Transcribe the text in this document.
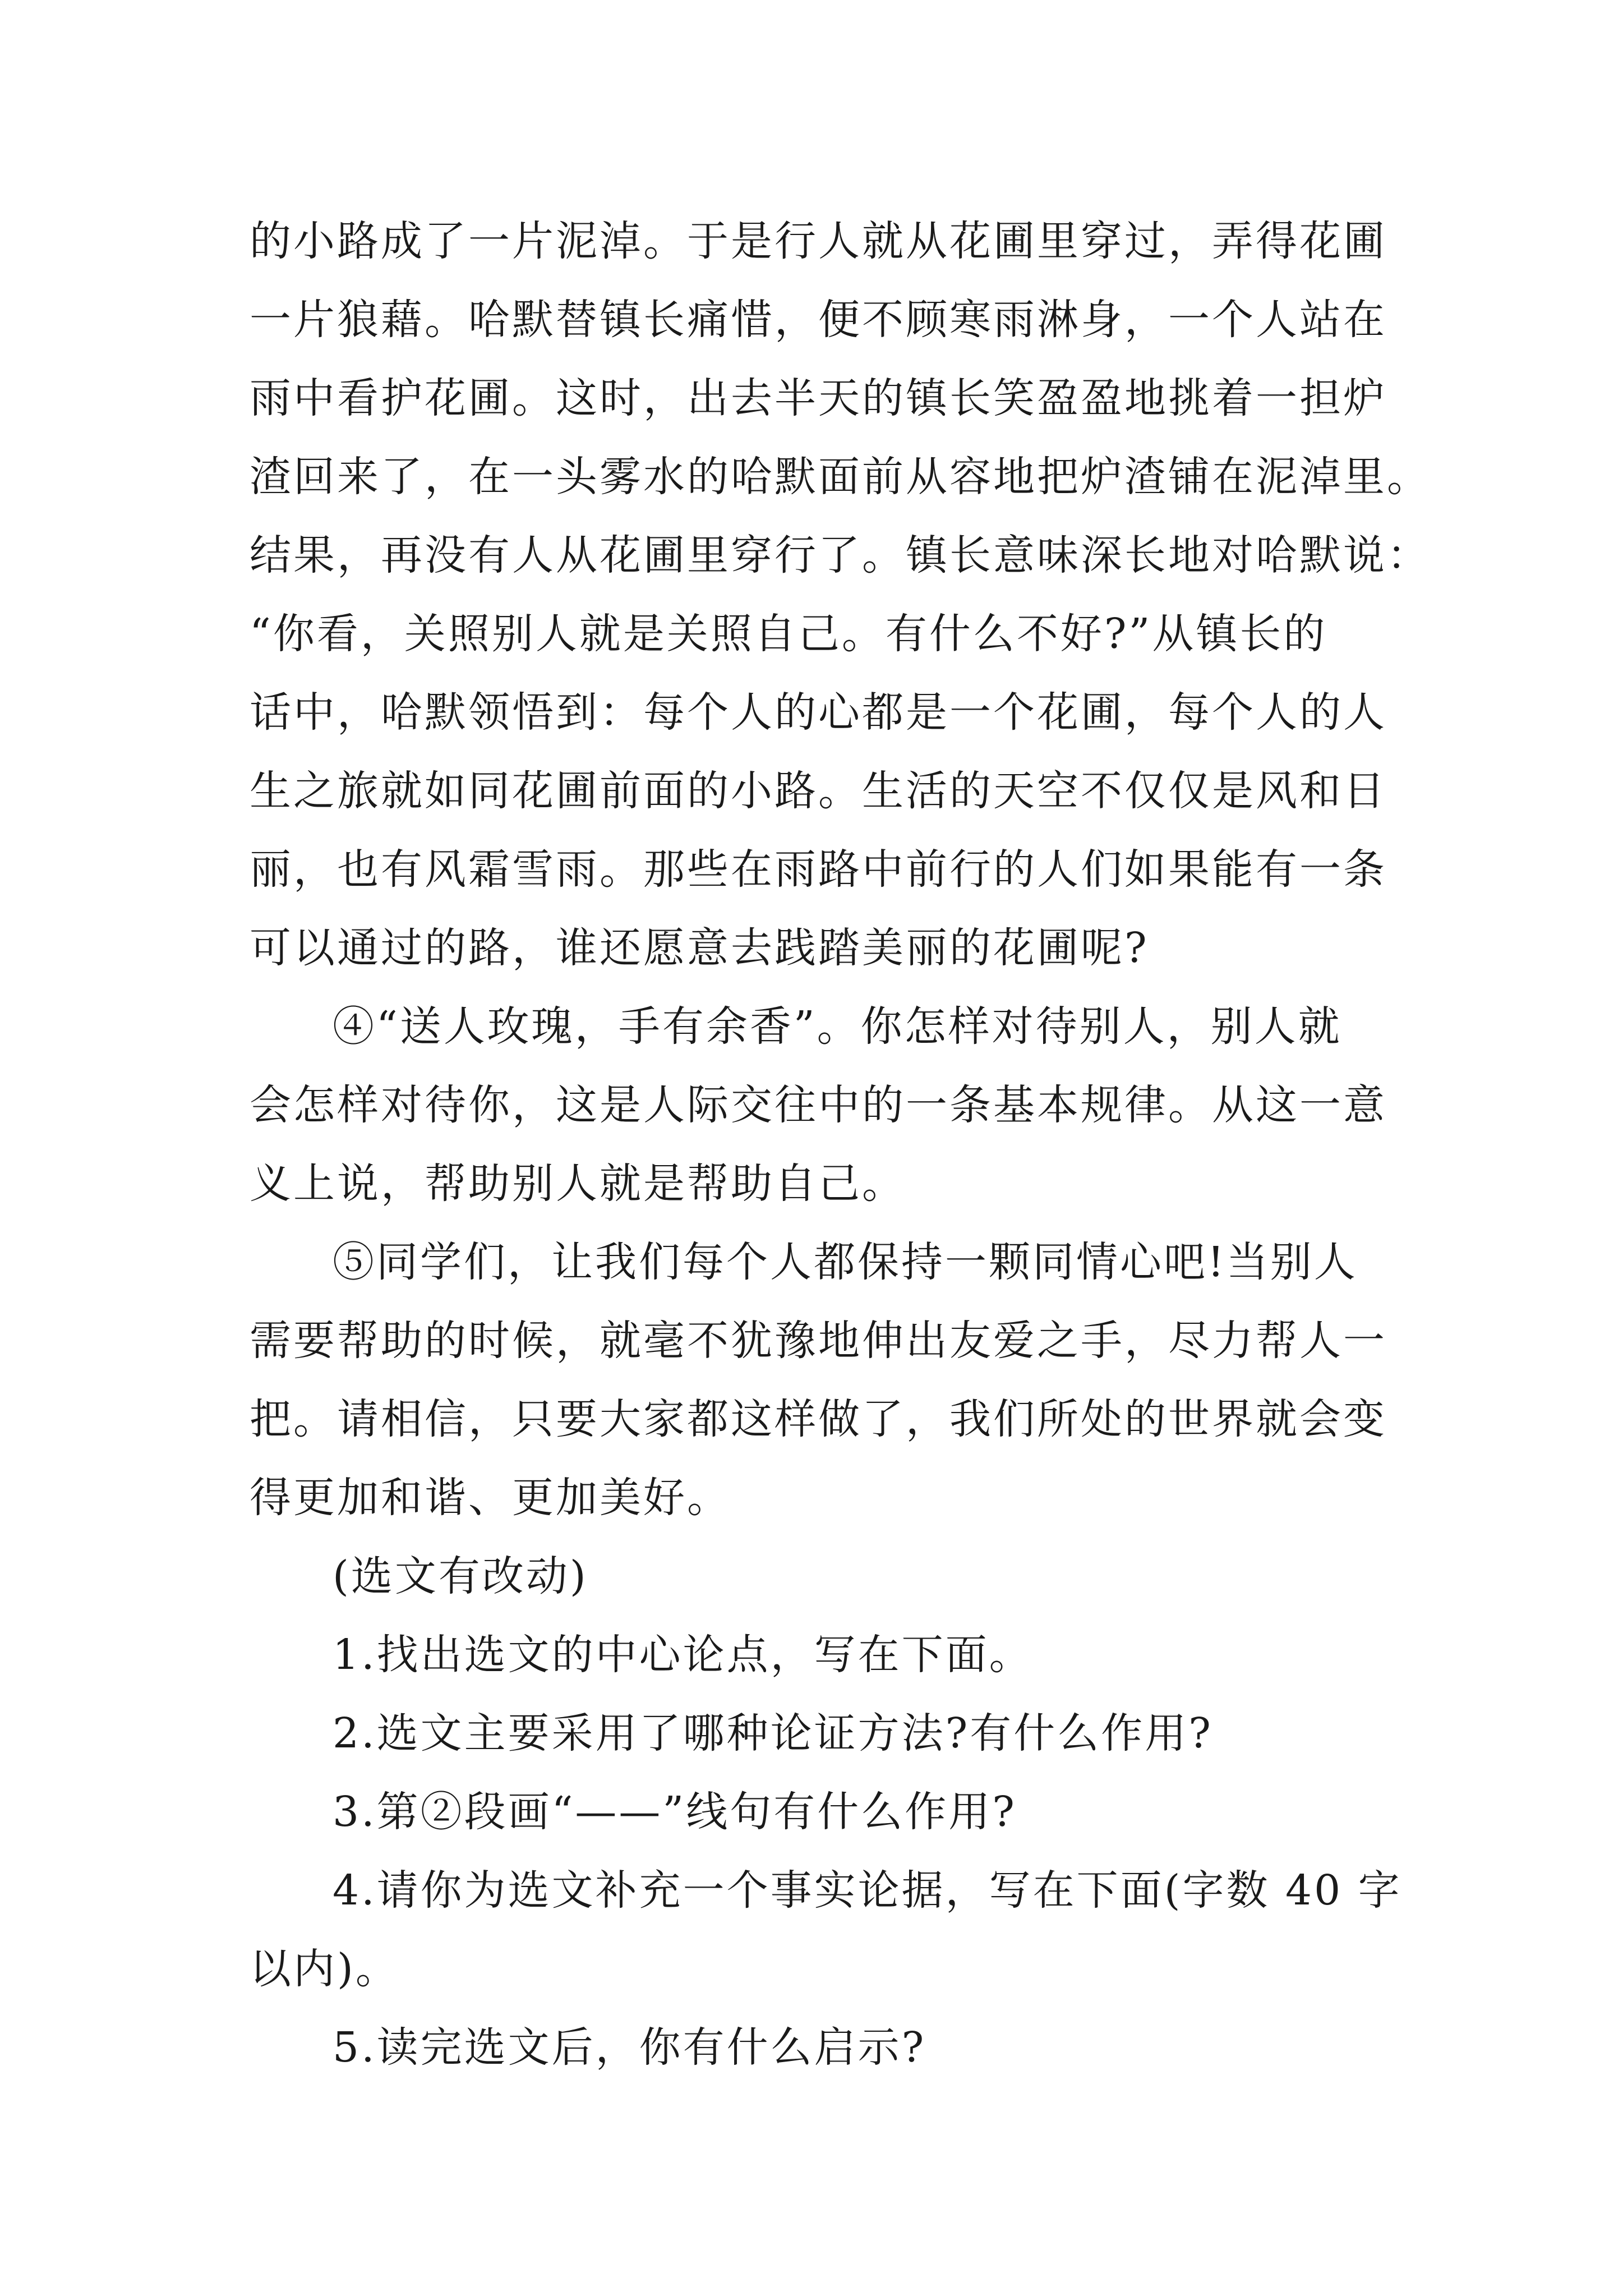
的小路成了一片泥淖。于是行人就从花圃里穿过，弄得花圃
一片狼藉。哈默替镇长痛惜，便不顾寒雨淋身，一个人站在
雨中看护花圃。这时，出去半天的镇长笑盈盈地挑着一担炉
渣回来了，在一头雾水的哈默面前从容地把炉渣铺在泥淖里。
结果，再没有人从花圃里穿行了。镇长意味深长地对哈默说：
“你看，关照别人就是关照自己。有什么不好?”从镇长的
话中，哈默领悟到：每个人的心都是一个花圃，每个人的人
生之旅就如同花圃前面的小路。生活的天空不仅仅是风和日
丽，也有风霜雪雨。那些在雨路中前行的人们如果能有一条
可以通过的路，谁还愿意去践踏美丽的花圃呢?
④“送人玫瑰，手有余香”。你怎样对待别人，别人就
会怎样对待你，这是人际交往中的一条基本规律。从这一意
义上说，帮助别人就是帮助自己。
⑤同学们，让我们每个人都保持一颗同情心吧!当别人
需要帮助的时候，就毫不犹豫地伸出友爱之手，尽力帮人一
把。请相信，只要大家都这样做了，我们所处的世界就会变
得更加和谐、更加美好。
(选文有改动)
1.找出选文的中心论点，写在下面。
2.选文主要采用了哪种论证方法?有什么作用?
3.第②段画“——”线句有什么作用?
4.请你为选文补充一个事实论据，写在下面(字数 40 字
以内)。
5.读完选文后，你有什么启示?
